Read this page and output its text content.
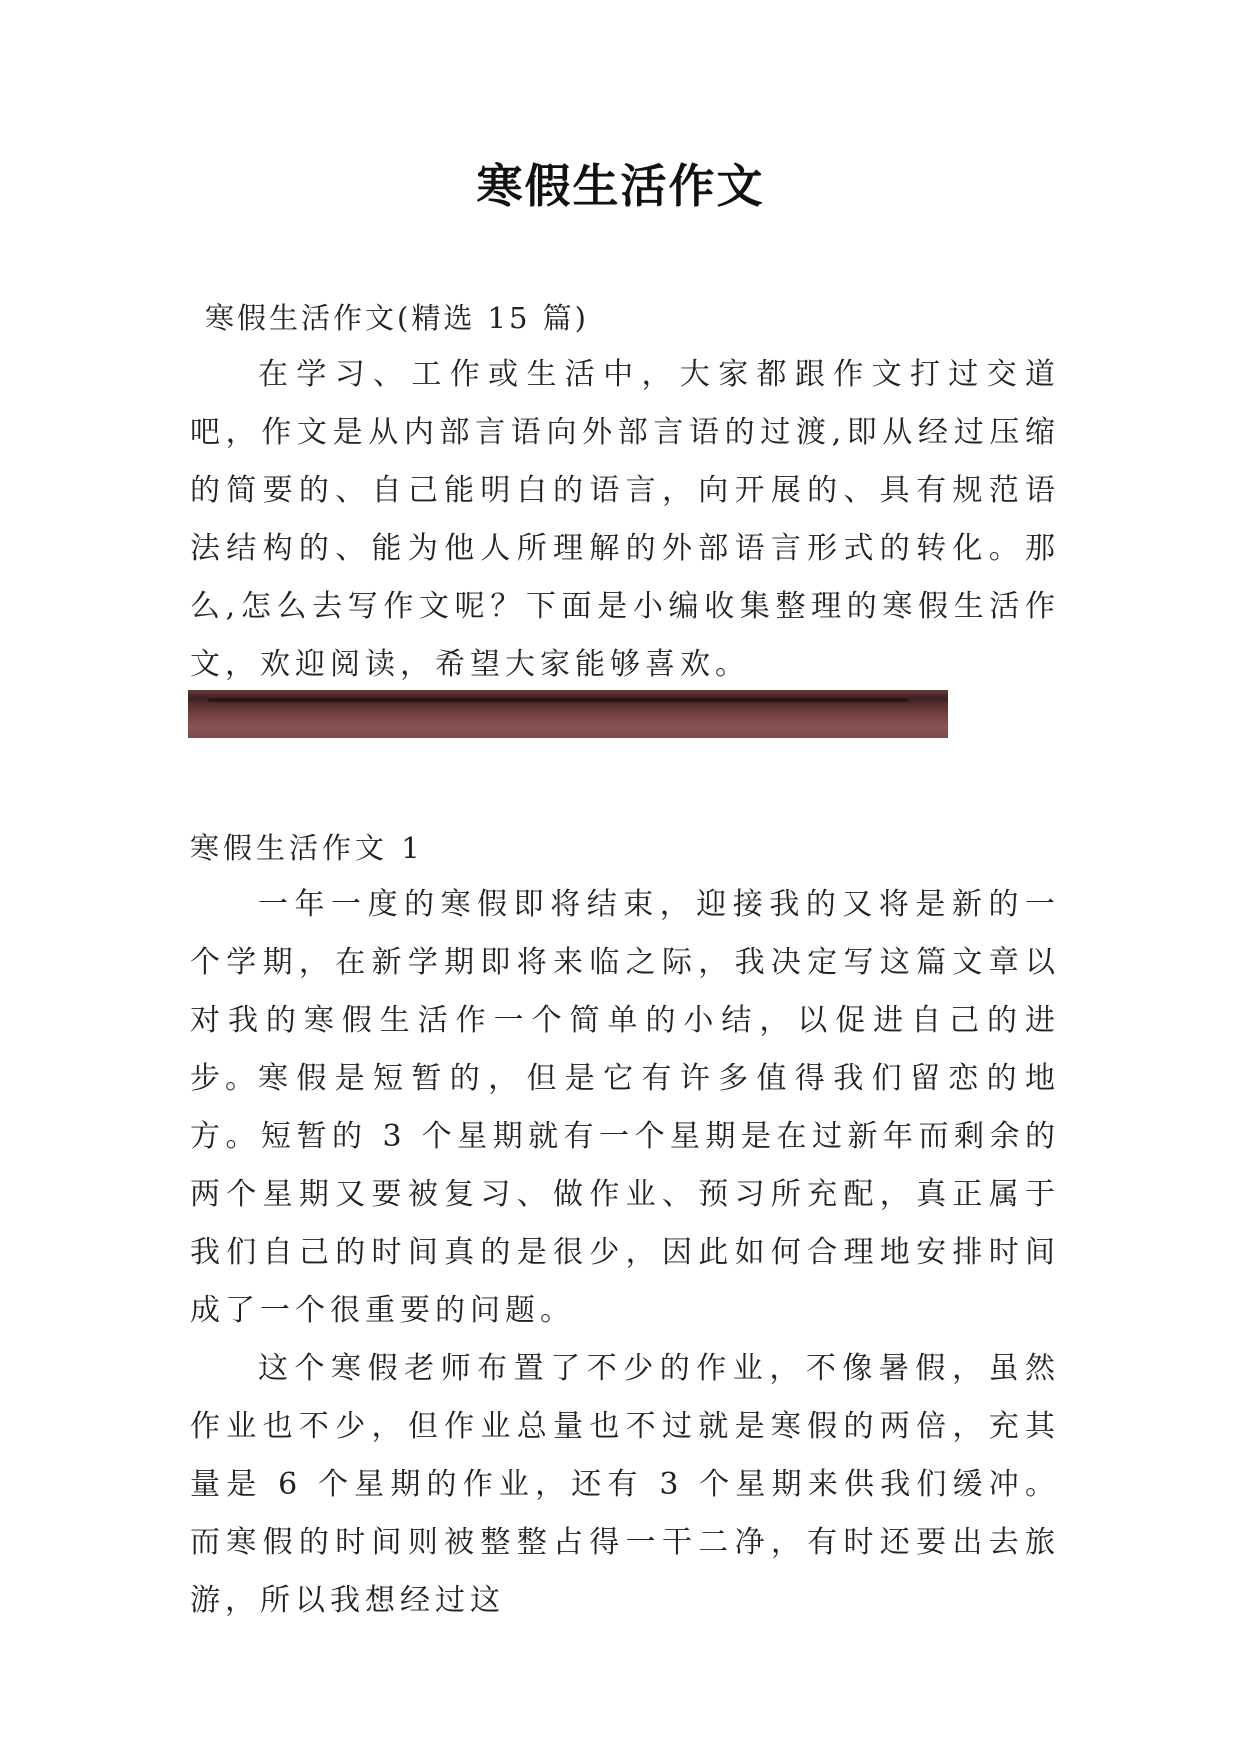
寒假生活作文
寒假生活作文(精选 15 篇)

在学习、工作或生活中，大家都跟作文打过交道吧，作文是从内部言语向外部言语的过渡,即从经过压缩的简要的、自己能明白的语言，向开展的、具有规范语法结构的、能为他人所理解的外部语言形式的转化。那么,怎么去写作文呢？下面是小编收集整理的寒假生活作文，欢迎阅读，希望大家能够喜欢。

寒假生活作文 1

一年一度的寒假即将结束，迎接我的又将是新的一个学期，在新学期即将来临之际，我决定写这篇文章以对我的寒假生活作一个简单的小结，以促进自己的进步。

寒假是短暂的，但是它有许多值得我们留恋的地方。短暂的 3 个星期就有一个星期是在过新年而剩余的两个星期又要被复习、做作业、预习所充配，真正属于我们自己的时间真的是很少，因此如何合理地安排时间成了一个很重要的问题。

这个寒假老师布置了不少的作业，不像暑假，虽然作业也不少，但作业总量也不过就是寒假的两倍，充其量是 6 个星期的作业，还有 3 个星期来供我们缓冲。而寒假的时间则被整整占得一干二净，有时还要出去旅游，所以我想经过这
